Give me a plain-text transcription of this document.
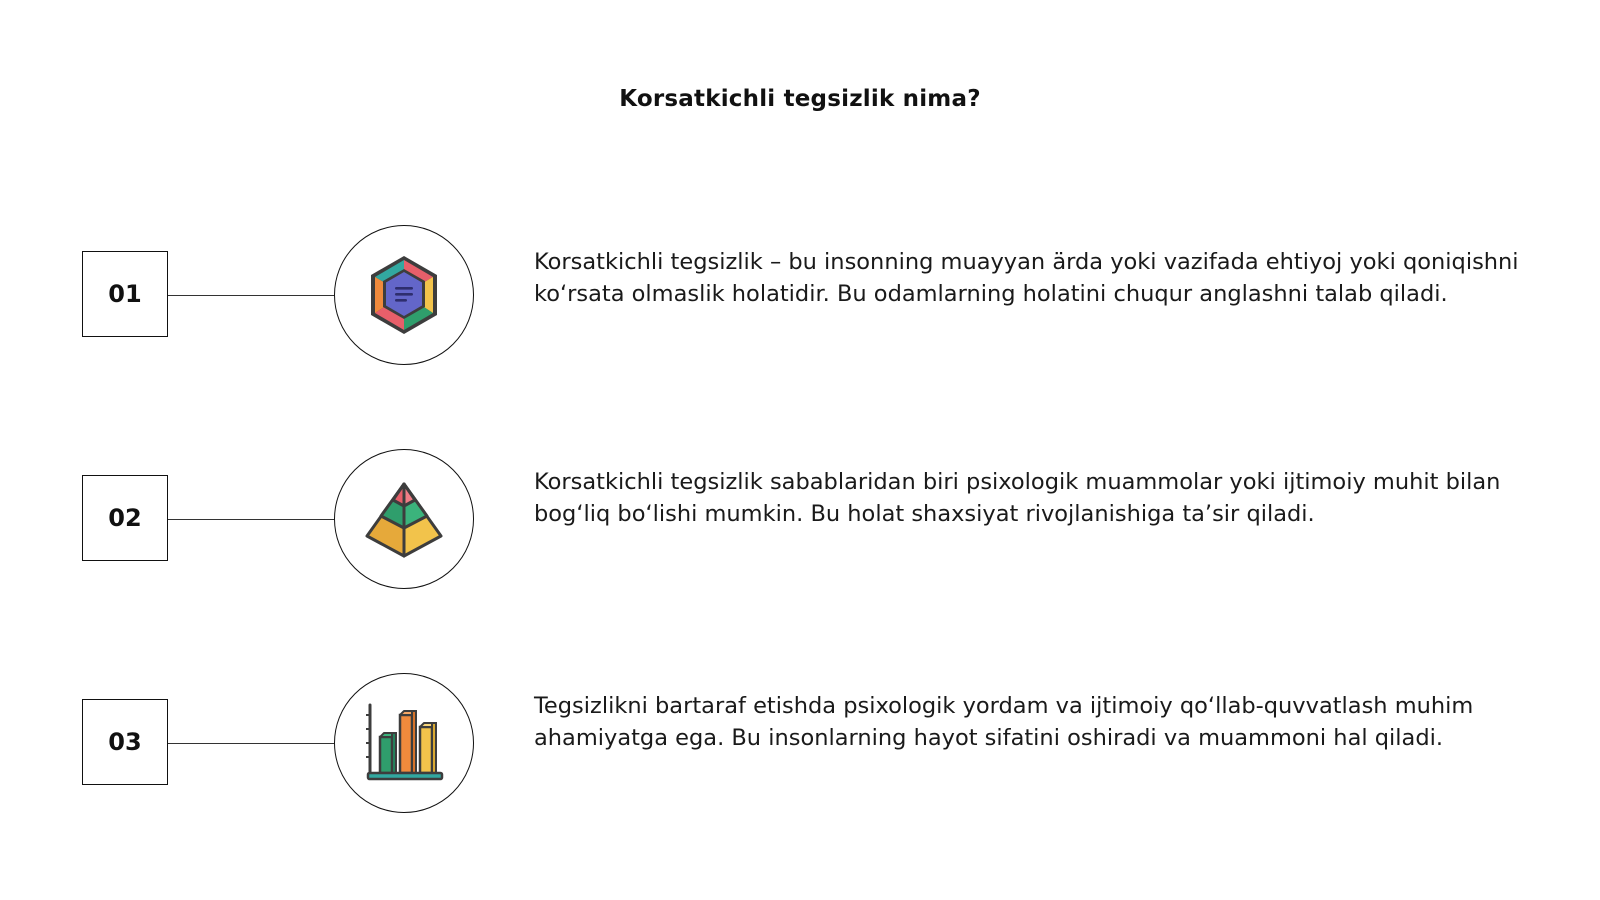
Korsatkichli tegsizlik nima?
01
Korsatkichli tegsizlik – bu insonning muayyan ärda yoki vazifada ehtiyoj yoki qoniqishni ko‘rsata olmaslik holatidir. Bu odamlarning holatini chuqur anglashni talab qiladi.
02
Korsatkichli tegsizlik sabablaridan biri psixologik muammolar yoki ijtimoiy muhit bilan bog‘liq bo‘lishi mumkin. Bu holat shaxsiyat rivojlanishiga ta’sir qiladi.
03
Tegsizlikni bartaraf etishda psixologik yordam va ijtimoiy qo‘llab-quvvatlash muhim ahamiyatga ega. Bu insonlarning hayot sifatini oshiradi va muammoni hal qiladi.
